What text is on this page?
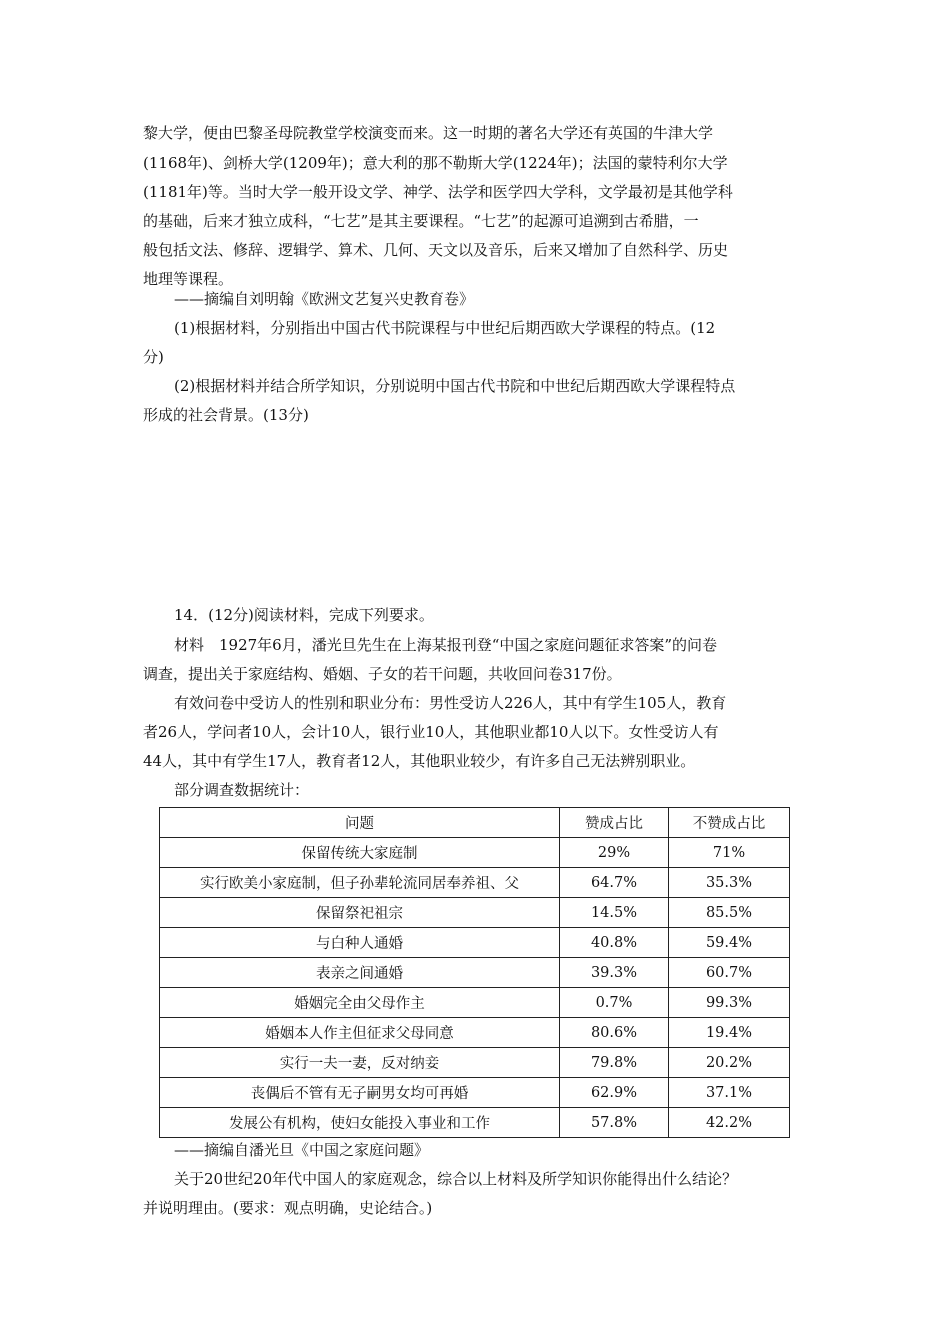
黎大学，便由巴黎圣母院教堂学校演变而来。这一时期的著名大学还有英国的牛津大学
(1168年)、剑桥大学(1209年)；意大利的那不勒斯大学(1224年)；法国的蒙特利尔大学
(1181年)等。当时大学一般开设文学、神学、法学和医学四大学科，文学最初是其他学科
的基础，后来才独立成科，“七艺”是其主要课程。“七艺”的起源可追溯到古希腊，一
般包括文法、修辞、逻辑学、算术、几何、天文以及音乐，后来又增加了自然科学、历史
地理等课程。
——摘编自刘明翰《欧洲文艺复兴史教育卷》
(1)根据材料，分别指出中国古代书院课程与中世纪后期西欧大学课程的特点。(12
分)
(2)根据材料并结合所学知识，分别说明中国古代书院和中世纪后期西欧大学课程特点
形成的社会背景。(13分)
14．(12分)阅读材料，完成下列要求。
材料　1927年6月，潘光旦先生在上海某报刊登“中国之家庭问题征求答案”的问卷
调查，提出关于家庭结构、婚姻、子女的若干问题，共收回问卷317份。
有效问卷中受访人的性别和职业分布：男性受访人226人，其中有学生105人，教育
者26人，学问者10人，会计10人，银行业10人，其他职业都10人以下。女性受访人有
44人，其中有学生17人，教育者12人，其他职业较少，有许多自己无法辨别职业。
部分调查数据统计：
问题	赞成占比	不赞成占比
保留传统大家庭制	29%	71%
实行欧美小家庭制，但子孙辈轮流同居奉养祖、父	64.7%	35.3%
保留祭祀祖宗	14.5%	85.5%
与白种人通婚	40.8%	59.4%
表亲之间通婚	39.3%	60.7%
婚姻完全由父母作主	0.7%	99.3%
婚姻本人作主但征求父母同意	80.6%	19.4%
实行一夫一妻，反对纳妾	79.8%	20.2%
丧偶后不管有无子嗣男女均可再婚	62.9%	37.1%
发展公有机构，使妇女能投入事业和工作	57.8%	42.2%
——摘编自潘光旦《中国之家庭问题》
关于20世纪20年代中国人的家庭观念，综合以上材料及所学知识你能得出什么结论？
并说明理由。(要求：观点明确，史论结合。)
